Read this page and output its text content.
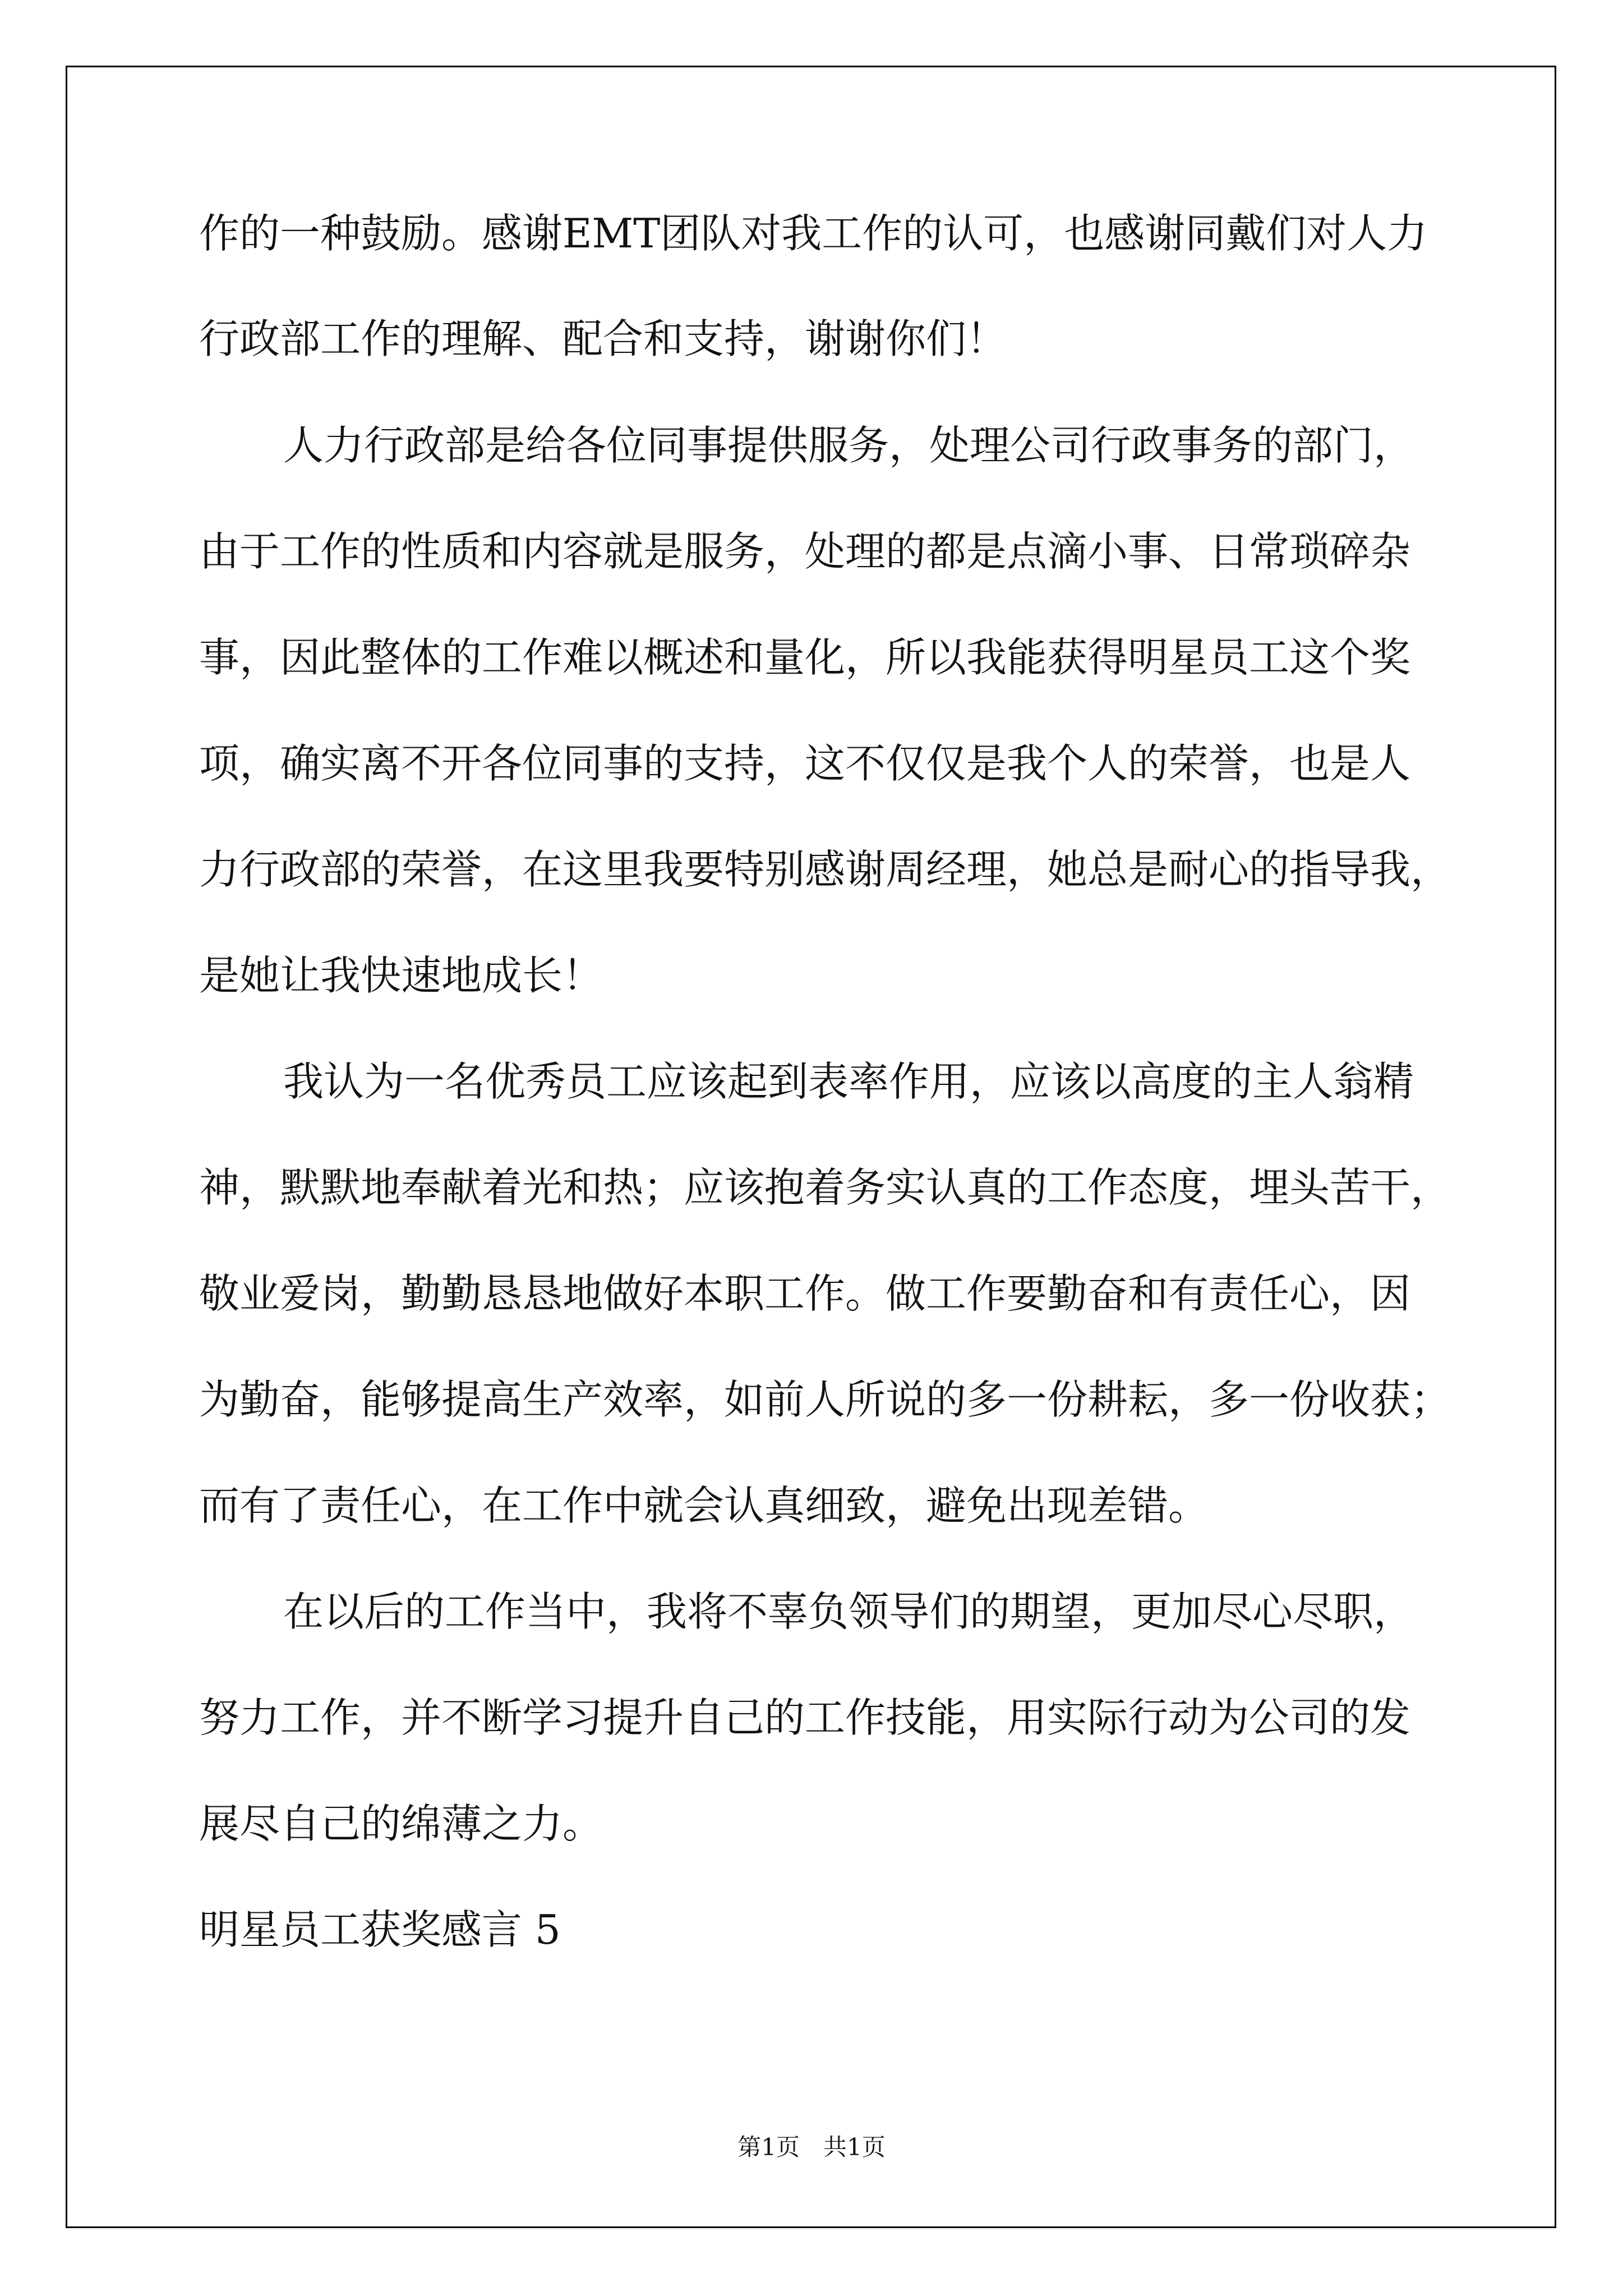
作的一种鼓励。感谢EMT团队对我工作的认可，也感谢同戴们对人力
行政部工作的理解、配合和支持，谢谢你们！
人力行政部是给各位同事提供服务，处理公司行政事务的部门，
由于工作的性质和内容就是服务，处理的都是点滴小事、日常琐碎杂
事，因此整体的工作难以概述和量化，所以我能获得明星员工这个奖
项，确实离不开各位同事的支持，这不仅仅是我个人的荣誉，也是人
力行政部的荣誉，在这里我要特别感谢周经理，她总是耐心的指导我，
是她让我快速地成长！
我认为一名优秀员工应该起到表率作用，应该以高度的主人翁精
神，默默地奉献着光和热；应该抱着务实认真的工作态度，埋头苦干，
敬业爱岗，勤勤恳恳地做好本职工作。做工作要勤奋和有责任心，因
为勤奋，能够提高生产效率，如前人所说的多一份耕耘，多一份收获；
而有了责任心，在工作中就会认真细致，避免出现差错。
在以后的工作当中，我将不辜负领导们的期望，更加尽心尽职，
努力工作，并不断学习提升自己的工作技能，用实际行动为公司的发
展尽自己的绵薄之力。
明星员工获奖感言 5
第1页　共1页
